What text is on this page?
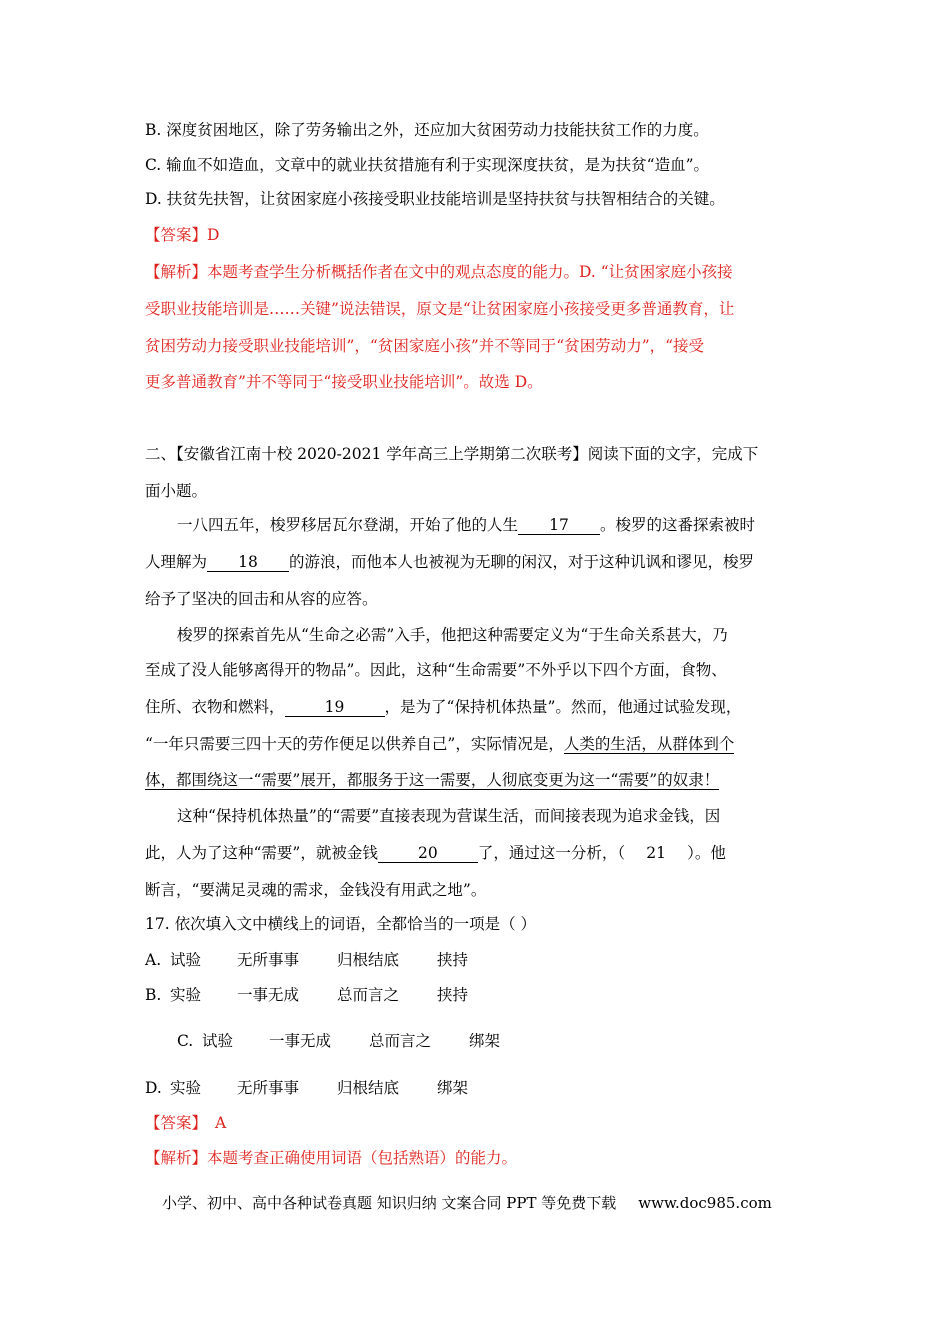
B. 深度贫困地区，除了劳务输出之外，还应加大贫困劳动力技能扶贫工作的力度。
C. 输血不如造血，文章中的就业扶贫措施有利于实现深度扶贫，是为扶贫“造血”。
D. 扶贫先扶智，让贫困家庭小孩接受职业技能培训是坚持扶贫与扶智相结合的关键。
【答案】D
【解析】本题考查学生分析概括作者在文中的观点态度的能力。D. “让贫困家庭小孩接
受职业技能培训是……关键”说法错误，原文是“让贫困家庭小孩接受更多普通教育，让
贫困劳动力接受职业技能培训”，“贫困家庭小孩”并不等同于“贫困劳动力”，“接受
更多普通教育”并不等同于“接受职业技能培训”。故选 D。
二、【安徽省江南十校 2020-2021 学年高三上学期第二次联考】阅读下面的文字，完成下
面小题。
一八四五年，梭罗移居瓦尔登湖，开始了他的人生 17 。梭罗的这番探索被时
人理解为 18 的游浪，而他本人也被视为无聊的闲汉，对于这种讥讽和谬见，梭罗
给予了坚决的回击和从容的应答。
梭罗的探索首先从“生命之必需”入手，他把这种需要定义为“于生命关系甚大，乃
至成了没人能够离得开的物品”。因此，这种“生命需要”不外乎以下四个方面，食物、
住所、衣物和燃料，	19	，是为了“保持机体热量”。然而，他通过试验发现，
“一年只需要三四十天的劳作便足以供养自己”，实际情况是，人类的生活，从群体到个
体，都围绕这一“需要”展开，都服务于这一需要，人彻底变更为这一“需要”的奴隶！
这种“保持机体热量”的“需要”直接表现为营谋生活，而间接表现为追求金钱，因
此，人为了这种“需要”，就被金钱	20	了，通过这一分析，（ 21 ）。他
断言，“要满足灵魂的需求，金钱没有用武之地”。
17. 依次填入文中横线上的词语，全都恰当的一项是（ ）
A. 试验 无所事事 归根结底 挟持
B. 实验 一事无成 总而言之 挟持
C. 试验 一事无成 总而言之 绑架
D. 实验 无所事事 归根结底 绑架
【答案】 A
【解析】本题考查正确使用词语（包括熟语）的能力。
小学、初中、高中各种试卷真题 知识归纳 文案合同 PPT 等免费下载 www.doc985.com
